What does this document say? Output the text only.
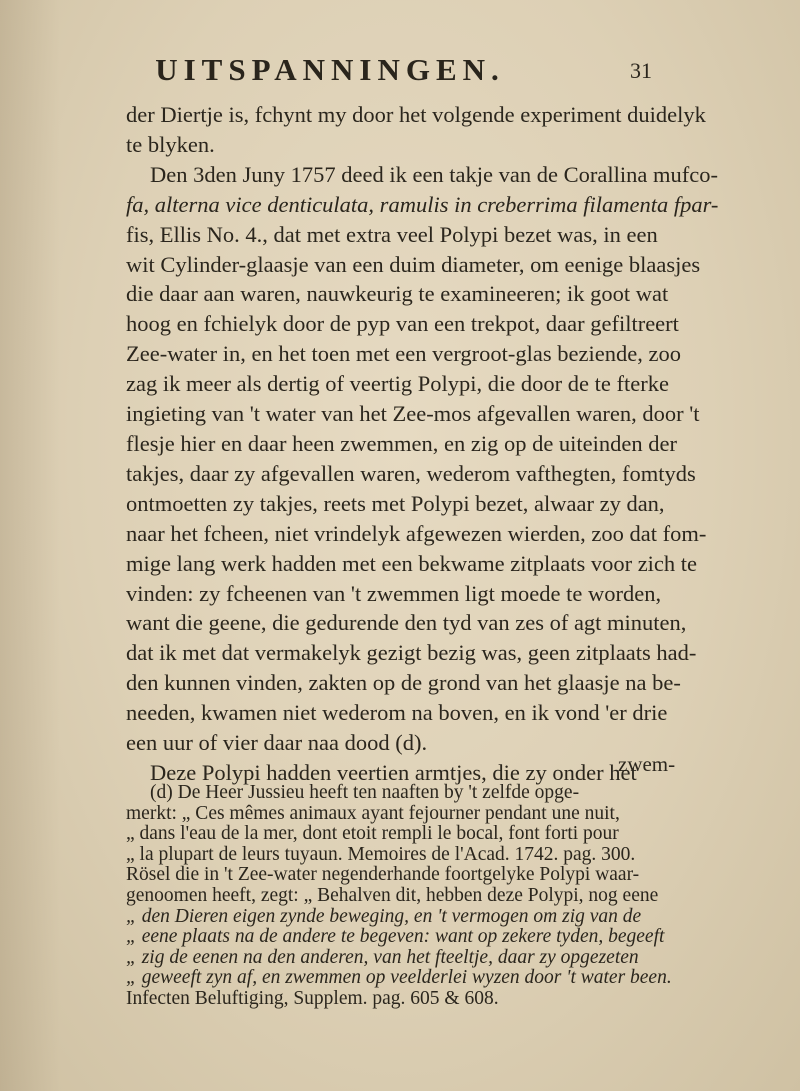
UITSPANNINGEN.	31
der Diertje is, fchynt my door het volgende experiment duidelyk
te blyken.
Den 3den Juny 1757 deed ik een takje van de Corallina mufco-
fa, alterna vice denticulata, ramulis in creberrima filamenta fpar-
fis, Ellis No. 4., dat met extra veel Polypi bezet was, in een
wit Cylinder-glaasje van een duim diameter, om eenige blaasjes
die daar aan waren, nauwkeurig te examineeren; ik goot wat
hoog en fchielyk door de pyp van een trekpot, daar gefiltreert
Zee-water in, en het toen met een vergroot-glas beziende, zoo
zag ik meer als dertig of veertig Polypi, die door de te fterke
ingieting van 't water van het Zee-mos afgevallen waren, door 't
flesje hier en daar heen zwemmen, en zig op de uiteinden der
takjes, daar zy afgevallen waren, wederom vafthegten, fomtyds
ontmoetten zy takjes, reets met Polypi bezet, alwaar zy dan,
naar het fcheen, niet vrindelyk afgewezen wierden, zoo dat fom-
mige lang werk hadden met een bekwame zitplaats voor zich te
vinden: zy fcheenen van 't zwemmen ligt moede te worden,
want die geene, die gedurende den tyd van zes of agt minuten,
dat ik met dat vermakelyk gezigt bezig was, geen zitplaats had-
den kunnen vinden, zakten op de grond van het glaasje na be-
needen, kwamen niet wederom na boven, en ik vond 'er drie
een uur of vier daar naa dood (d).
Deze Polypi hadden veertien armtjes, die zy onder het
zwem-
(d) De Heer Jussieu heeft ten naaften by 't zelfde opge-
merkt: „ Ces mêmes animaux ayant fejourner pendant une nuit,
„ dans l'eau de la mer, dont etoit rempli le bocal, font forti pour
„ la plupart de leurs tuyaun. Memoires de l'Acad. 1742. pag. 300.
Rösel die in 't Zee-water negenderhande foortgelyke Polypi waar-
genoomen heeft, zegt: „ Behalven dit, hebben deze Polypi, nog eene
„ den Dieren eigen zynde beweging, en 't vermogen om zig van de
„ eene plaats na de andere te begeven: want op zekere tyden, begeeft
„ zig de eenen na den anderen, van het fteeltje, daar zy opgezeten
„ geweeft zyn af, en zwemmen op veelderlei wyzen door 't water been.
Infecten Beluftiging, Supplem. pag. 605 & 608.
